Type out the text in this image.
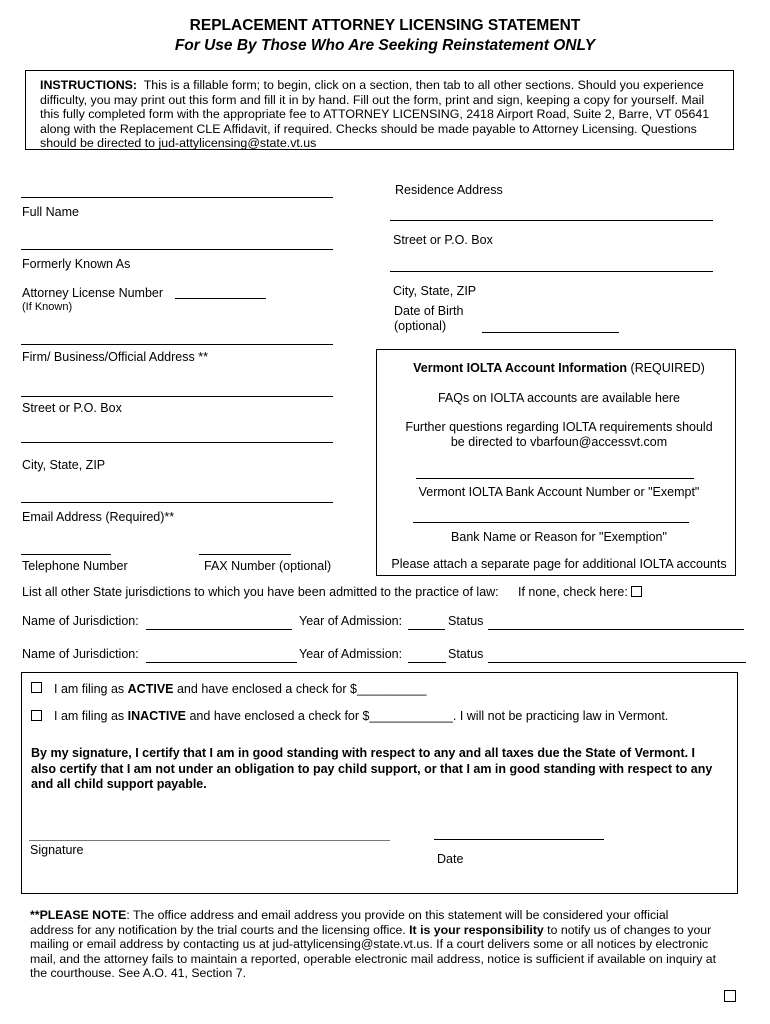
REPLACEMENT ATTORNEY LICENSING STATEMENT
For Use By Those Who Are Seeking Reinstatement ONLY
INSTRUCTIONS: This is a fillable form; to begin, click on a section, then tab to all other sections. Should you experience
difficulty, you may print out this form and fill it in by hand. Fill out the form, print and sign, keeping a copy for yourself. Mail
this fully completed form with the appropriate fee to ATTORNEY LICENSING, 2418 Airport Road, Suite 2, Barre, VT 05641
along with the Replacement CLE Affidavit, if required. Checks should be made payable to Attorney Licensing. Questions
should be directed to jud-attylicensing@state.vt.us
Full Name
Formerly Known As
Attorney License Number
(If Known)
Firm/ Business/Official Address **
Street or P.O. Box
City, State, ZIP
Email Address (Required)**
Telephone Number	FAX Number (optional)
Residence Address
Street or P.O. Box
City, State, ZIP
Date of Birth
(optional)
Vermont IOLTA Account Information (REQUIRED)
FAQs on IOLTA accounts are available here
Further questions regarding IOLTA requirements should
be directed to vbarfoun@accessvt.com
Vermont IOLTA Bank Account Number or "Exempt"
Bank Name or Reason for "Exemption"
Please attach a separate page for additional IOLTA accounts
List all other State jurisdictions to which you have been admitted to the practice of law: If none, check here:
Name of Jurisdiction:	Year of Admission:	Status
Name of Jurisdiction:	Year of Admission:	Status
I am filing as ACTIVE and have enclosed a check for $__________
I am filing as INACTIVE and have enclosed a check for $____________. I will not be practicing law in Vermont.
By my signature, I certify that I am in good standing with respect to any and all taxes due the State of Vermont. I
also certify that I am not under an obligation to pay child support, or that I am in good standing with respect to any
and all child support payable.
Signature
Date
**PLEASE NOTE: The office address and email address you provide on this statement will be considered your official
address for any notification by the trial courts and the licensing office. It is your responsibility to notify us of changes to your
mailing or email address by contacting us at jud-attylicensing@state.vt.us. If a court delivers some or all notices by electronic
mail, and the attorney fails to maintain a reported, operable electronic mail address, notice is sufficient if available on inquiry at
the courthouse. See A.O. 41, Section 7.
